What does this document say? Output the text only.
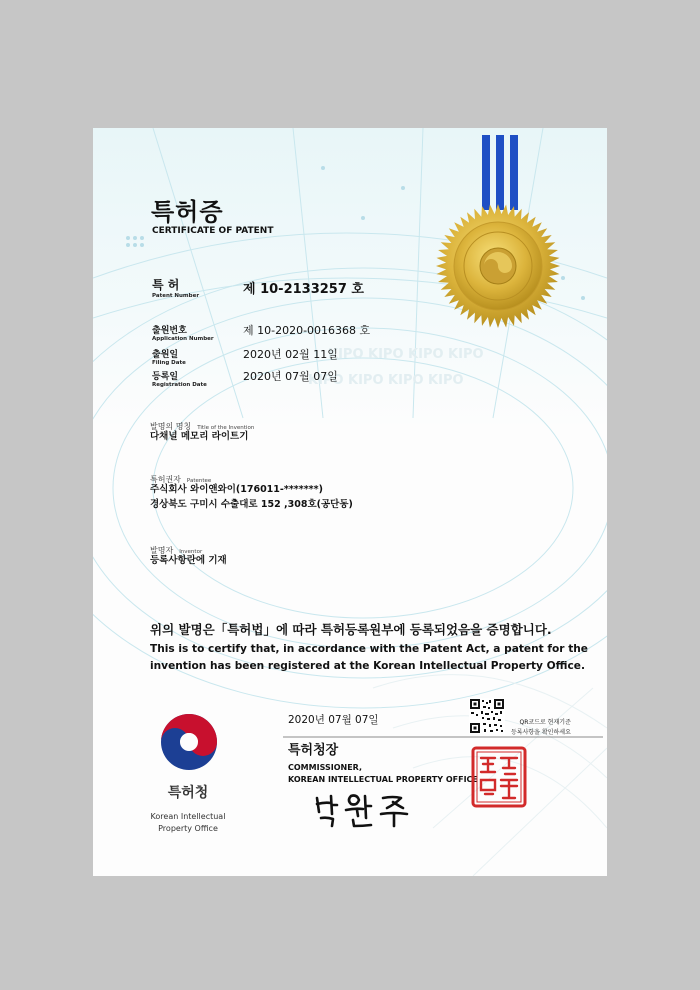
KIPO KIPO KIPO KIPO
KIPO KIPO KIPO KIPO
특허증
CERTIFICATE OF PATENT
특 허
Patent Number	제 10-2133257 호
출원번호
Application Number
제 10-2020-0016368 호
출원일
Filing Date
2020년 02월 11일
등록일
Registration Date
2020년 07월 07일
발명의 명칭 Title of the Invention
다채널 메모리 라이트기
특허권자 Patentee
주식회사 와이앤와이(176011-*******)
경상북도 구미시 수출대로 152 ,308호(공단동)
발명자 Inventor
등록사항란에 기재
위의 발명은「특허법」에 따라 특허등록원부에 등록되었음을 증명합니다.
This is to certify that, in accordance with the Patent Act, a patent for the invention has been registered at the Korean Intellectual Property Office.
특허청
Korean Intellectual
Property Office
2020년 07월 07일
특허청장
COMMISSIONER,
KOREAN INTELLECTUAL PROPERTY OFFICE
QR코드로 현재기준
등록사항을 확인하세요
